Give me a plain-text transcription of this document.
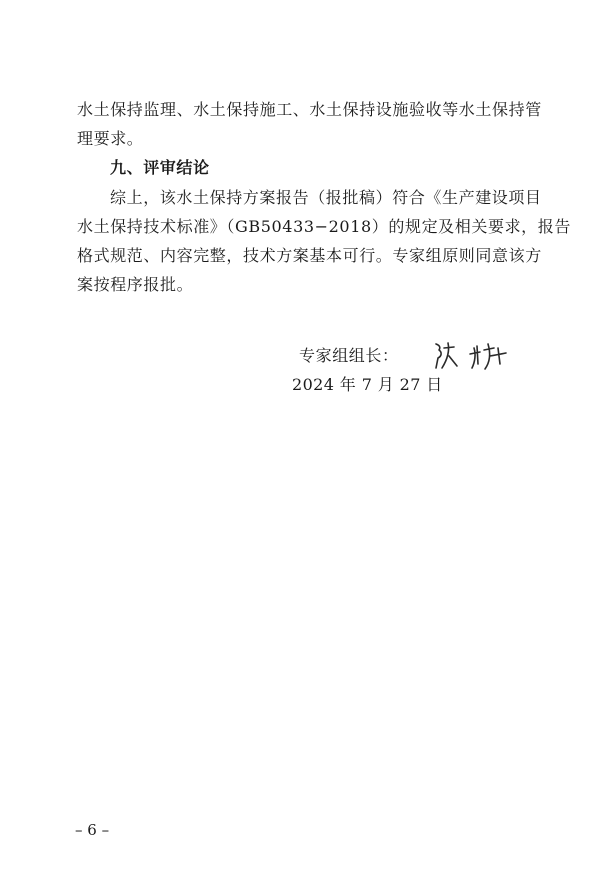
水土保持监理、水土保持施工、水土保持设施验收等水土保持管
理要求。
九、评审结论
综上，该水土保持方案报告（报批稿）符合《生产建设项目
水土保持技术标准》（GB50433−2018）的规定及相关要求，报告
格式规范、内容完整，技术方案基本可行。专家组原则同意该方
案按程序报批。
专家组组长：
2024 年 7 月 27 日
– 6 –
